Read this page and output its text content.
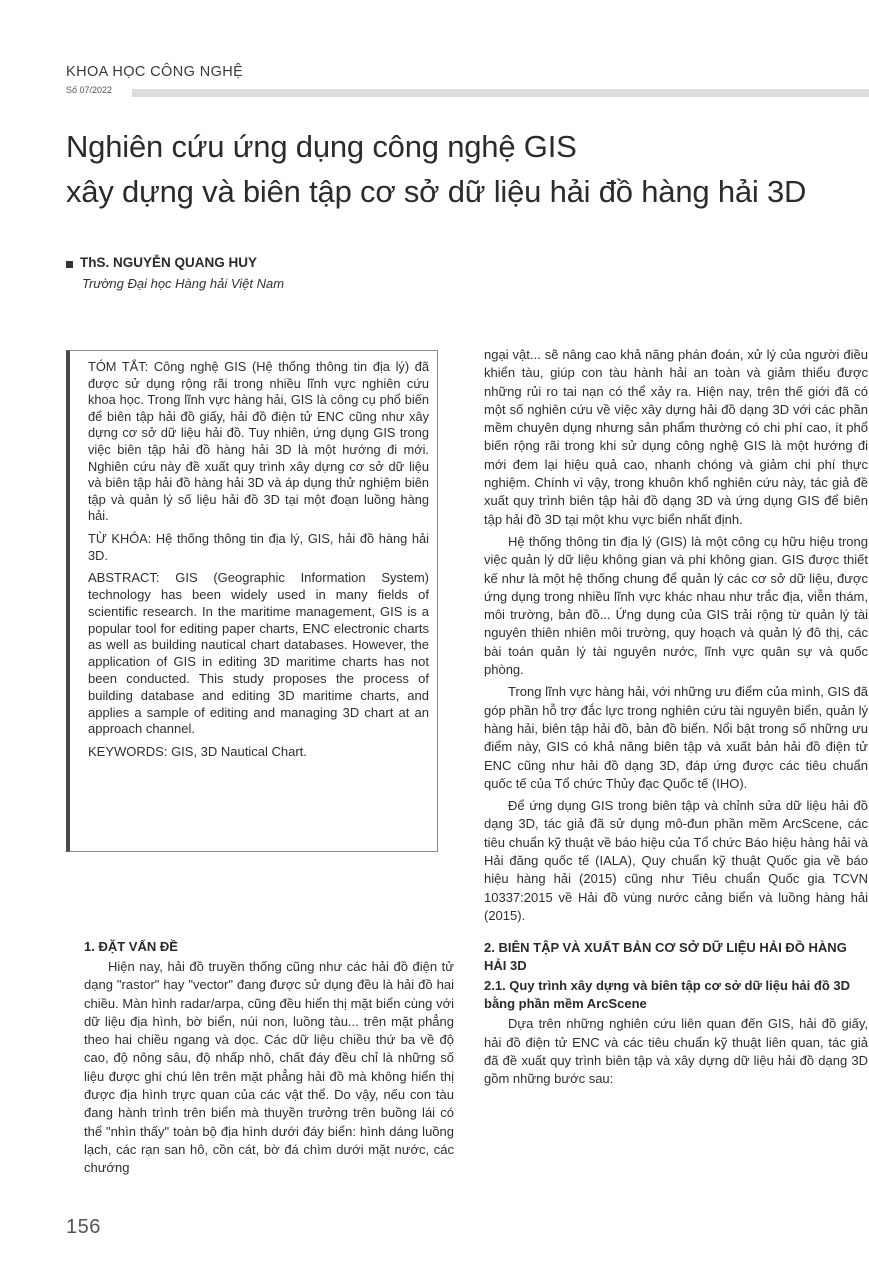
KHOA HỌC CÔNG NGHỆ
Số 07/2022
Nghiên cứu ứng dụng công nghệ GIS
xây dựng và biên tập cơ sở dữ liệu hải đồ hàng hải 3D
ThS. NGUYỄN QUANG HUY
Trường Đại học Hàng hải Việt Nam

TÓM TẮT: Công nghệ GIS (Hệ thống thông tin địa lý) đã được sử dụng rộng rãi trong nhiều lĩnh vực nghiên cứu khoa học. Trong lĩnh vực hàng hải, GIS là công cụ phổ biến để biên tập hải đồ giấy, hải đồ điện tử ENC cũng như xây dựng cơ sở dữ liệu hải đồ. Tuy nhiên, ứng dụng GIS trong việc biên tập hải đồ hàng hải 3D là một hướng đi mới. Nghiên cứu này đề xuất quy trình xây dựng cơ sở dữ liệu và biên tập hải đồ hàng hải 3D và áp dụng thử nghiệm biên tập và quản lý số liệu hải đồ 3D tại một đoạn luồng hàng hải.

TỪ KHÓA: Hệ thống thông tin địa lý, GIS, hải đồ hàng hải 3D.

ABSTRACT: GIS (Geographic Information System) technology has been widely used in many fields of scientific research. In the maritime management, GIS is a popular tool for editing paper charts, ENC electronic charts as well as building nautical chart databases. However, the application of GIS in editing 3D maritime charts has not been conducted. This study proposes the process of building database and editing 3D maritime charts, and applies a sample of editing and managing 3D chart at an approach channel.

KEYWORDS: GIS, 3D Nautical Chart.

1. ĐẶT VẤN ĐỀ

Hiện nay, hải đồ truyền thống cũng như các hải đồ điện tử dạng "rastor" hay "vector" đang được sử dụng đều là hải đồ hai chiều. Màn hình radar/arpa, cũng đều hiển thị mặt biển cùng với dữ liệu địa hình, bờ biển, núi non, luồng tàu... trên mặt phẳng theo hai chiều ngang và dọc. Các dữ liệu chiều thứ ba về độ cao, độ nông sâu, độ nhấp nhô, chất đáy đều chỉ là những số liệu được ghi chú lên trên mặt phẳng hải đồ mà không hiển thị được địa hình trực quan của các vật thể. Do vậy, nếu con tàu đang hành trình trên biển mà thuyền trưởng trên buồng lái có thể "nhìn thấy" toàn bộ địa hình dưới đáy biển: hình dáng luồng lạch, các rạn san hô, cồn cát, bờ đá chìm dưới mặt nước, các chướng

ngại vật... sẽ nâng cao khả năng phán đoán, xử lý của người điều khiển tàu, giúp con tàu hành hải an toàn và giảm thiểu được những rủi ro tai nạn có thể xảy ra. Hiện nay, trên thế giới đã có một số nghiên cứu về việc xây dựng hải đồ dạng 3D với các phần mềm chuyên dụng nhưng sản phẩm thường có chi phí cao, ít phổ biến rộng rãi trong khi sử dụng công nghệ GIS là một hướng đi mới đem lại hiệu quả cao, nhanh chóng và giảm chi phí thực nghiệm. Chính vì vậy, trong khuôn khổ nghiên cứu này, tác giả đề xuất quy trình biên tập hải đồ dạng 3D và ứng dụng GIS để biên tập hải đồ 3D tại một khu vực biển nhất định.

Hệ thống thông tin địa lý (GIS) là một công cụ hữu hiệu trong việc quản lý dữ liệu không gian và phi không gian. GIS được thiết kế như là một hệ thống chung để quản lý các cơ sở dữ liệu, được ứng dụng trong nhiều lĩnh vực khác nhau như trắc địa, viễn thám, môi trường, bản đồ... Ứng dụng của GIS trải rộng từ quản lý tài nguyên thiên nhiên môi trường, quy hoạch và quản lý đô thị, các bài toán quản lý tài nguyên nước, lĩnh vực quân sự và quốc phòng.

Trong lĩnh vực hàng hải, với những ưu điểm của mình, GIS đã góp phần hỗ trợ đắc lực trong nghiên cứu tài nguyên biển, quản lý hàng hải, biên tập hải đồ, bản đồ biển. Nổi bật trong số những ưu điểm này, GIS có khả năng biên tập và xuất bản hải đồ điện tử ENC cũng như hải đồ dạng 3D, đáp ứng được các tiêu chuẩn quốc tế của Tổ chức Thủy đạc Quốc tế (IHO).

Để ứng dụng GIS trong biên tập và chỉnh sửa dữ liệu hải đồ dạng 3D, tác giả đã sử dụng mô-đun phần mềm ArcScene, các tiêu chuẩn kỹ thuật về báo hiệu của Tổ chức Báo hiệu hàng hải và Hải đăng quốc tế (IALA), Quy chuẩn kỹ thuật Quốc gia về báo hiệu hàng hải (2015) cũng như Tiêu chuẩn Quốc gia TCVN 10337:2015 về Hải đồ vùng nước cảng biển và luồng hàng hải (2015).

2. BIÊN TẬP VÀ XUẤT BẢN CƠ SỞ DỮ LIỆU HẢI ĐỒ HÀNG HẢI 3D
2.1. Quy trình xây dựng và biên tập cơ sở dữ liệu hải đồ 3D bằng phần mềm ArcScene

Dựa trên những nghiên cứu liên quan đến GIS, hải đồ giấy, hải đồ điện tử ENC và các tiêu chuẩn kỹ thuật liên quan, tác giả đã đề xuất quy trình biên tập và xây dựng dữ liệu hải đồ dạng 3D gồm những bước sau:

156
